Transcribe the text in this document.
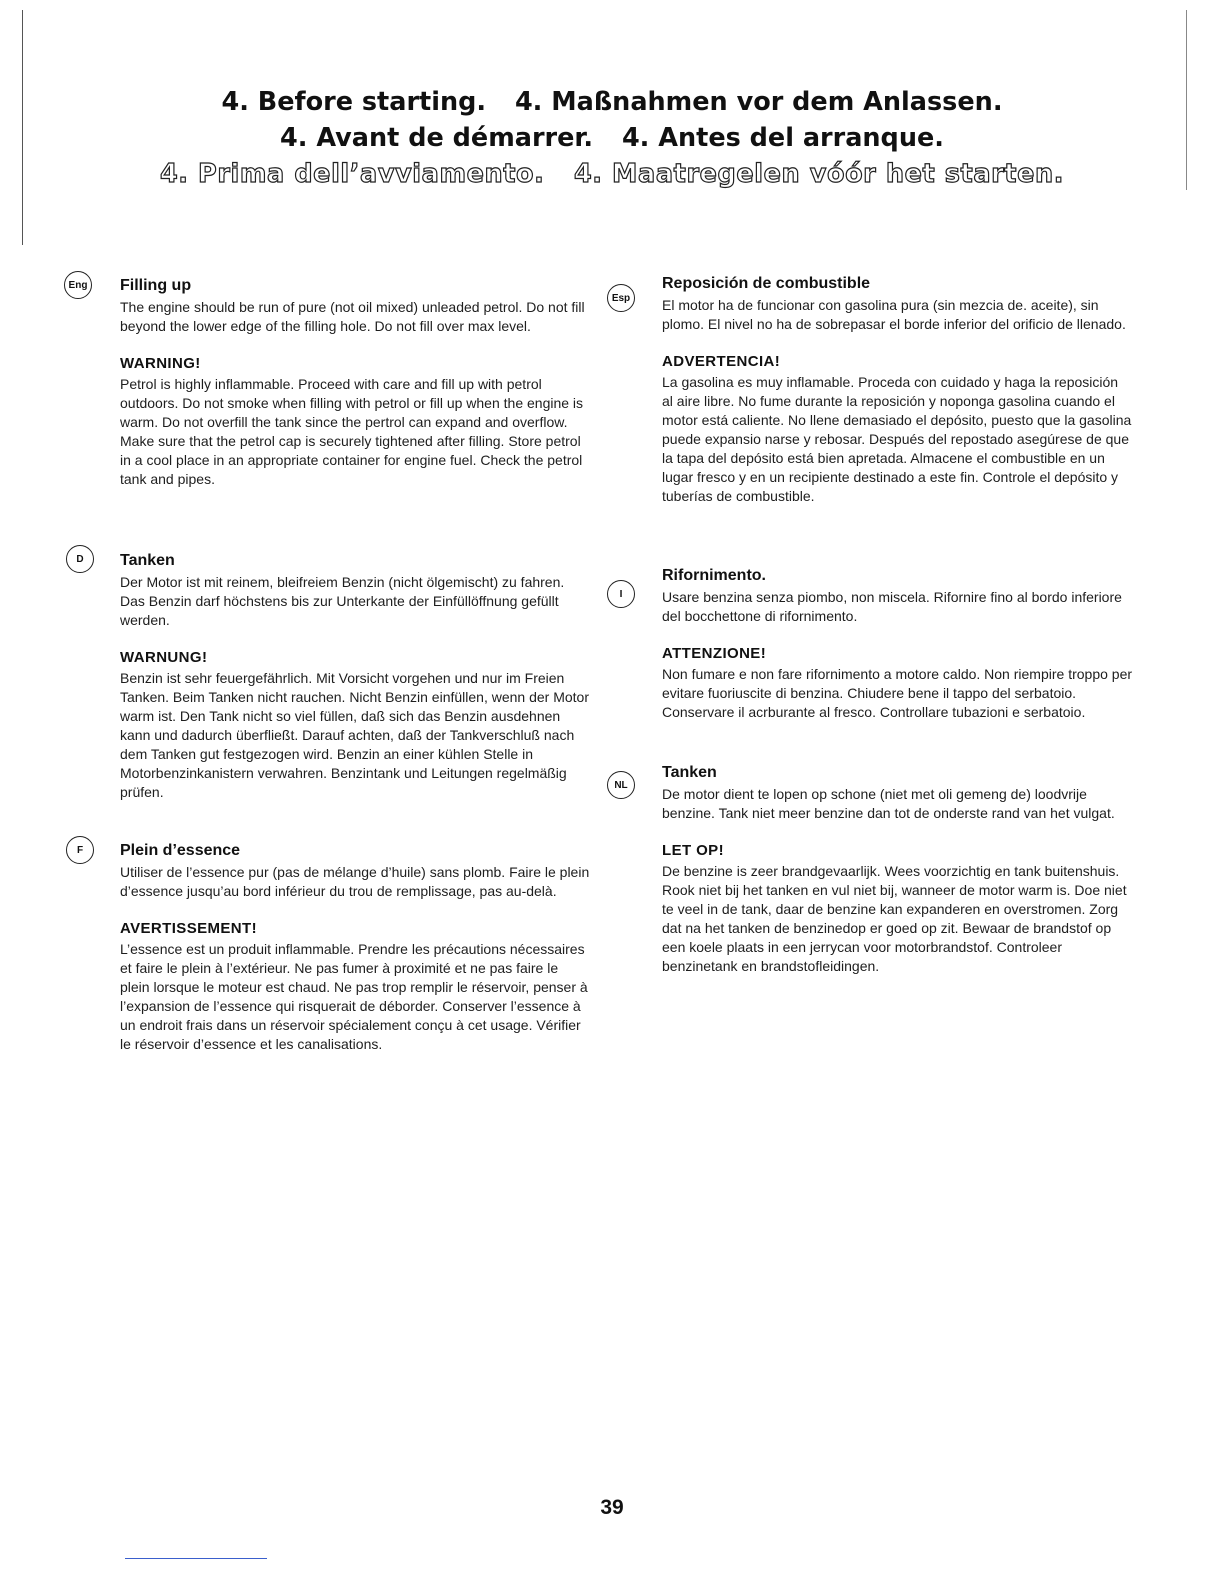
4. Before starting. 4. Maßnahmen vor dem Anlassen.
4. Avant de démarrer. 4. Antes del arranque.
4. Prima dell’avviamento. 4. Maatregelen vóór het starten.

Filling up

The engine should be run of pure (not oil mixed) unleaded petrol. Do not fill beyond the lower edge of the filling hole. Do not fill over max level.

WARNING!

Petrol is highly inflammable. Proceed with care and fill up with petrol outdoors. Do not smoke when filling with petrol or fill up when the engine is warm. Do not overfill the tank since the pertrol can expand and overflow. Make sure that the petrol cap is securely tightened after filling. Store petrol in a cool place in an appropriate container for engine fuel. Check the petrol tank and pipes.

Tanken

Der Motor ist mit reinem, bleifreiem Benzin (nicht ölgemischt) zu fahren. Das Benzin darf höchstens bis zur Unterkante der Einfüllöffnung gefüllt werden.

WARNUNG!

Benzin ist sehr feuergefährlich. Mit Vorsicht vorgehen und nur im Freien Tanken. Beim Tanken nicht rauchen. Nicht Benzin einfüllen, wenn der Motor warm ist. Den Tank nicht so viel füllen, daß sich das Benzin ausdehnen kann und dadurch überfließt. Darauf achten, daß der Tankverschluß nach dem Tanken gut festgezogen wird. Benzin an einer kühlen Stelle in Motorbenzinkanistern verwahren. Benzintank und Leitungen regelmäßig prüfen.

Plein d’essence

Utiliser de l’essence pur (pas de mélange d’huile) sans plomb. Faire le plein d’essence jusqu’au bord inférieur du trou de remplissage, pas au-delà.

AVERTISSEMENT!

L’essence est un produit inflammable. Prendre les précautions nécessaires et faire le plein à l’extérieur. Ne pas fumer à proximité et ne pas faire le plein lorsque le moteur est chaud. Ne pas trop remplir le réservoir, penser à l’expansion de l’essence qui risquerait de déborder. Conserver l’essence à un endroit frais dans un réservoir spécialement conçu à cet usage. Vérifier le réservoir d’essence et les canalisations.

Reposición de combustible

El motor ha de funcionar con gasolina pura (sin mezcia de. aceite), sin plomo. El nivel no ha de sobrepasar el borde inferior del orificio de llenado.

ADVERTENCIA!

La gasolina es muy inflamable. Proceda con cuidado y haga la reposición al aire libre. No fume durante la reposición y noponga gasolina cuando el motor está caliente. No llene demasiado el depósito, puesto que la gasolina puede expansio narse y rebosar. Después del repostado asegúrese de que la tapa del depósito está bien apretada. Almacene el combustible en un lugar fresco y en un recipiente destinado a este fin. Controle el depósito y tuberías de combustible.

Rifornimento.

Usare benzina senza piombo, non miscela. Rifornire fino al bordo inferiore del bocchettone di rifornimento.

ATTENZIONE!

Non fumare e non fare rifornimento a motore caldo. Non riempire troppo per evitare fuoriuscite di benzina. Chiudere bene il tappo del serbatoio. Conservare il acrburante al fresco. Controllare tubazioni e serbatoio.

Tanken

De motor dient te lopen op schone (niet met oli gemeng de) loodvrije benzine. Tank niet meer benzine dan tot de onderste rand van het vulgat.

LET OP!

De benzine is zeer brandgevaarlijk. Wees voorzichtig en tank buitenshuis. Rook niet bij het tanken en vul niet bij, wanneer de motor warm is. Doe niet te veel in de tank, daar de benzine kan expanderen en overstromen. Zorg dat na het tanken de benzinedop er goed op zit. Bewaar de brandstof op een koele plaats in een jerrycan voor motorbrandstof. Controleer benzinetank en brandstofleidingen.

Eng
D
F
Esp
I
NL
39
